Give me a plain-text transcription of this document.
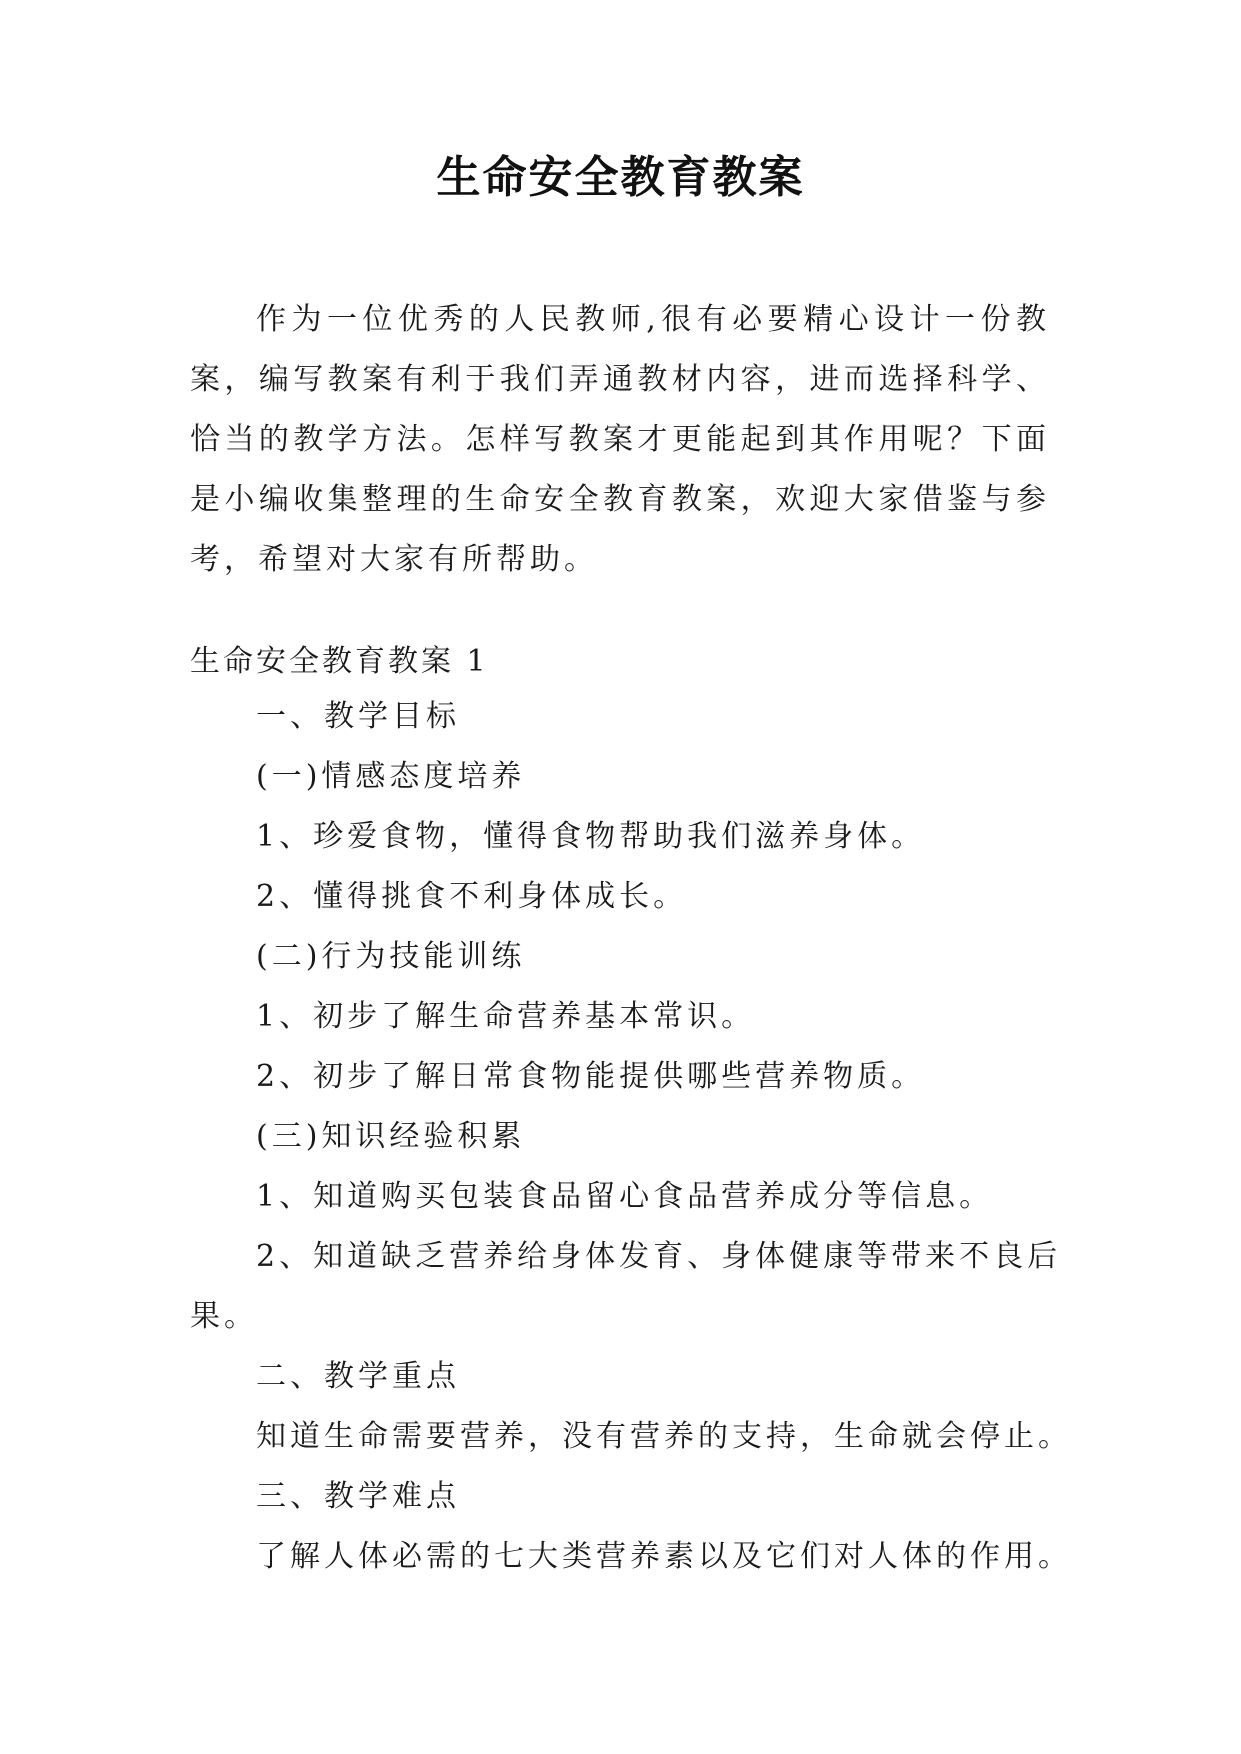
生命安全教育教案
作为一位优秀的人民教师,很有必要精心设计一份教案，编写教案有利于我们弄通教材内容，进而选择科学、恰当的教学方法。怎样写教案才更能起到其作用呢？下面是小编收集整理的生命安全教育教案，欢迎大家借鉴与参考，希望对大家有所帮助。
生命安全教育教案 1
一、教学目标
(一)情感态度培养
1、珍爱食物，懂得食物帮助我们滋养身体。
2、懂得挑食不利身体成长。
(二)行为技能训练
1、初步了解生命营养基本常识。
2、初步了解日常食物能提供哪些营养物质。
(三)知识经验积累
1、知道购买包装食品留心食品营养成分等信息。
2、知道缺乏营养给身体发育、身体健康等带来不良后
果。
二、教学重点
知道生命需要营养，没有营养的支持，生命就会停止。
三、教学难点
了解人体必需的七大类营养素以及它们对人体的作用。
